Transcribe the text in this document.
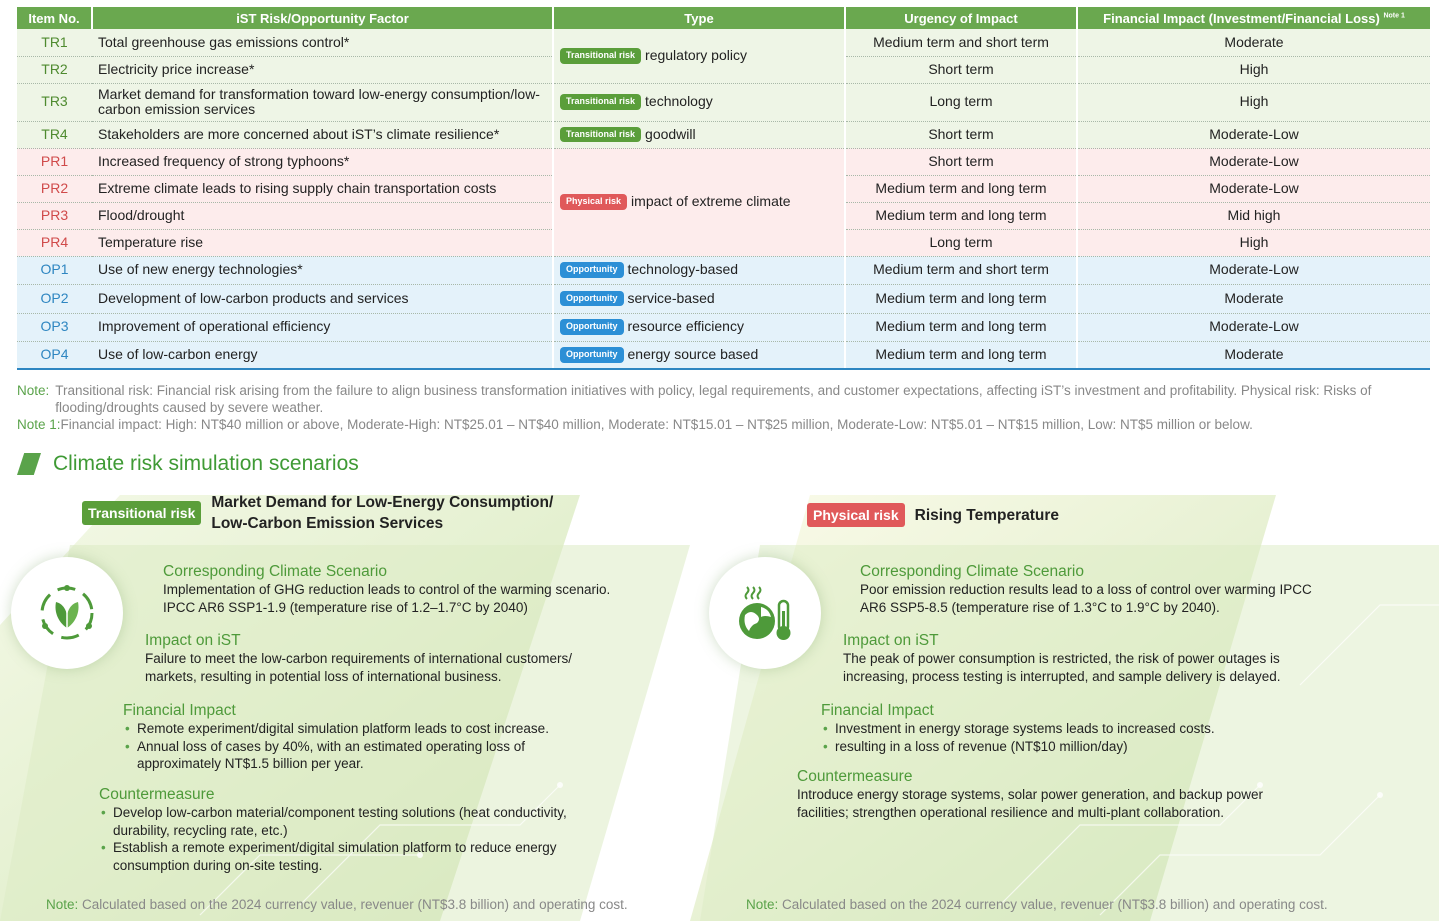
Item No.	iST Risk/Opportunity Factor	Type	Urgency of Impact	Financial Impact (Investment/Financial Loss) $^{Note 1}$
TR1	Total greenhouse gas emissions control*	Transitional risk regulatory policy	Medium term and short term	Moderate
TR2	Electricity price increase*		Short term	High
TR3	Market demand for transformation toward low-energy consumption/low-carbon emission services	Transitional risk technology	Long term	High
TR4	Stakeholders are more concerned about iST’s climate resilience*	Transitional risk goodwill	Short term	Moderate-Low
PR1	Increased frequency of strong typhoons*	Physical risk impact of extreme climate	Short term	Moderate-Low
PR2	Extreme climate leads to rising supply chain transportation costs		Medium term and long term	Moderate-Low
PR3	Flood/drought		Medium term and long term	Mid high
PR4	Temperature rise		Long term	High
OP1	Use of new energy technologies*	Opportunity technology-based	Medium term and short term	Moderate-Low
OP2	Development of low-carbon products and services	Opportunity service-based	Medium term and long term	Moderate
OP3	Improvement of operational efficiency	Opportunity resource efficiency	Medium term and long term	Moderate-Low
OP4	Use of low-carbon energy	Opportunity energy source based	Medium term and long term	Moderate
Note: Transitional risk: Financial risk arising from the failure to align business transformation initiatives with policy, legal requirements, and customer expectations, affecting iST’s investment and profitability. Physical risk: Risks of flooding/droughts caused by severe weather.
Note 1: Financial impact: High: NT$40 million or above, Moderate-High: NT$25.01 – NT$40 million, Moderate: NT$15.01 – NT$25 million, Moderate-Low: NT$5.01 – NT$15 million, Low: NT$5 million or below.
Climate risk simulation scenarios
Transitional risk
Market Demand for Low-Energy Consumption/
Low-Carbon Emission Services
Corresponding Climate Scenario

Implementation of GHG reduction leads to control of the warming scenario.

IPCC AR6 SSP1-1.9 (temperature rise of 1.2–1.7°C by 2040)

Impact on iST

Failure to meet the low-carbon requirements of international customers/

markets, resulting in potential loss of international business.

Financial Impact
• Remote experiment/digital simulation platform leads to cost increase.
• Annual loss of cases by 40%, with an estimated operating loss of
approximately NT$1.5 billion per year.
Countermeasure
• Develop low-carbon material/component testing solutions (heat conductivity,
durability, recycling rate, etc.)
• Establish a remote experiment/digital simulation platform to reduce energy
consumption during on-site testing.
Note: Calculated based on the 2024 currency value, revenuer (NT$3.8 billion) and operating cost.
Physical risk	Rising Temperature
Corresponding Climate Scenario

Poor emission reduction results lead to a loss of control over warming IPCC

AR6 SSP5-8.5 (temperature rise of 1.3°C to 1.9°C by 2040).

Impact on iST

The peak of power consumption is restricted, the risk of power outages is

increasing, process testing is interrupted, and sample delivery is delayed.

Financial Impact
• Investment in energy storage systems leads to increased costs.
• resulting in a loss of revenue (NT$10 million/day)
Countermeasure

Introduce energy storage systems, solar power generation, and backup power

facilities; strengthen operational resilience and multi-plant collaboration.

Note: Calculated based on the 2024 currency value, revenuer (NT$3.8 billion) and operating cost.
